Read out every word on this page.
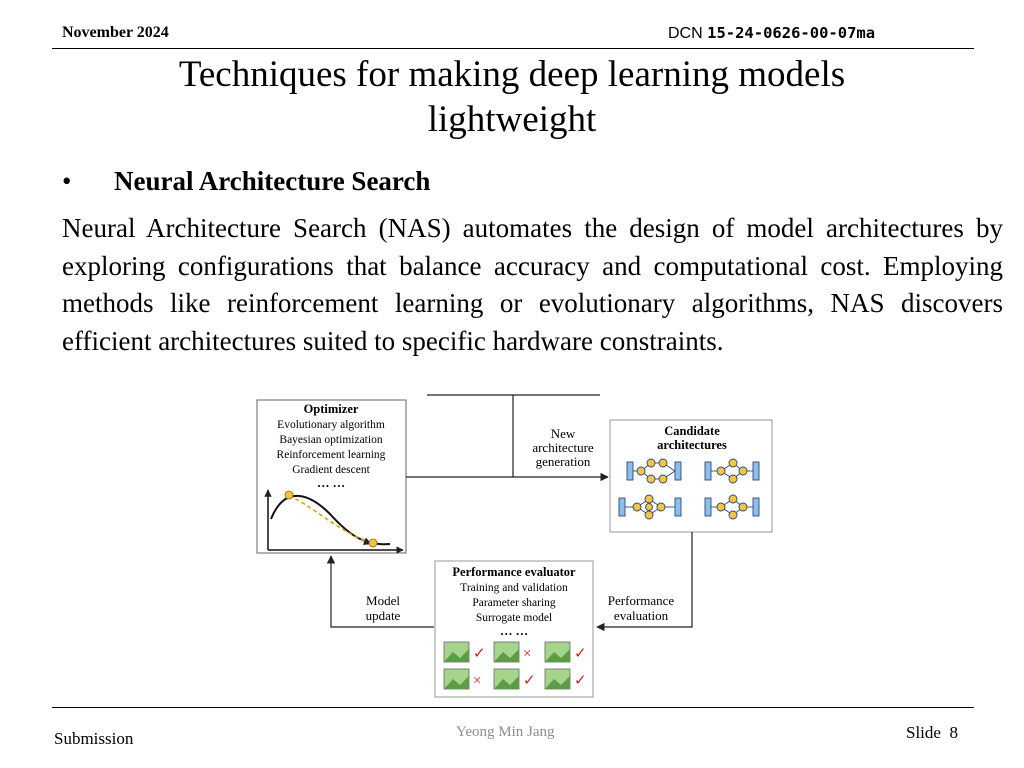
November 2024	DCN 15-24-0626-00-07ma
Techniques for making deep learning models lightweight
• Neural Architecture Search
Neural Architecture Search (NAS) automates the design of model architectures by exploring configurations that balance accuracy and computational cost. Employing methods like reinforcement learning or evolutionary algorithms, NAS discovers efficient architectures suited to specific hardware constraints.
Optimizer
Evolutionary algorithm
Bayesian optimization
Reinforcement learning
Gradient descent
… …
New
architecture
generation
Candidate
architectures
Performance
evaluation
Model
update
Performance evaluator
Training and validation
Parameter sharing
Surrogate model
… …
✓ ×	✓
×	✓	✓
Submission	Yeong Min Jang	Slide 8
